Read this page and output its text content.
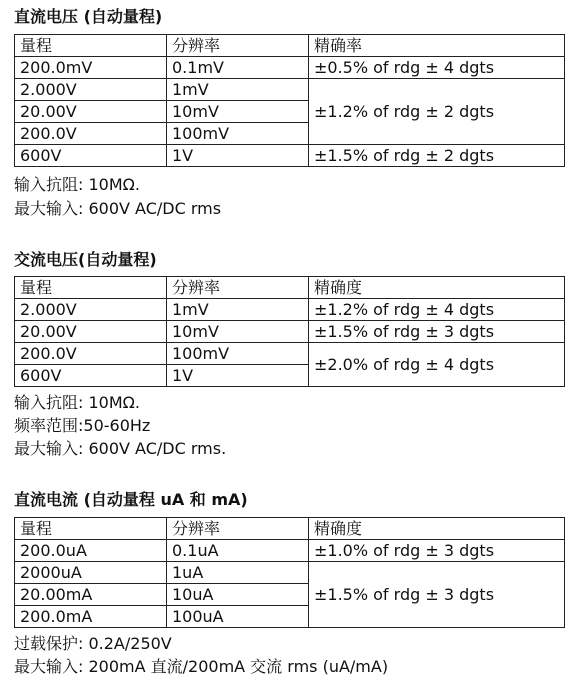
直流电压 (自动量程)
量程	分辨率	精确率
200.0mV	0.1mV	±0.5% of rdg ± 4 dgts
2.000V	1mV	±1.2% of rdg ± 2 dgts
20.00V	10mV	
200.0V	100mV	
600V	1V	±1.5% of rdg ± 2 dgts
输入抗阻: 10MΩ.
最大输入: 600V AC/DC rms
交流电压(自动量程)
量程	分辨率	精确度
2.000V	1mV	±1.2% of rdg ± 4 dgts
20.00V	10mV	±1.5% of rdg ± 3 dgts
200.0V	100mV	±2.0% of rdg ± 4 dgts
600V	1V	
输入抗阻: 10MΩ.
频率范围:50-60Hz
最大输入: 600V AC/DC rms.
直流电流 (自动量程 uA 和 mA)
量程	分辨率	精确度
200.0uA	0.1uA	±1.0% of rdg ± 3 dgts
2000uA	1uA	±1.5% of rdg ± 3 dgts
20.00mA	10uA	
200.0mA	100uA	
过载保护: 0.2A/250V
最大输入: 200mA 直流/200mA 交流 rms (uA/mA)
